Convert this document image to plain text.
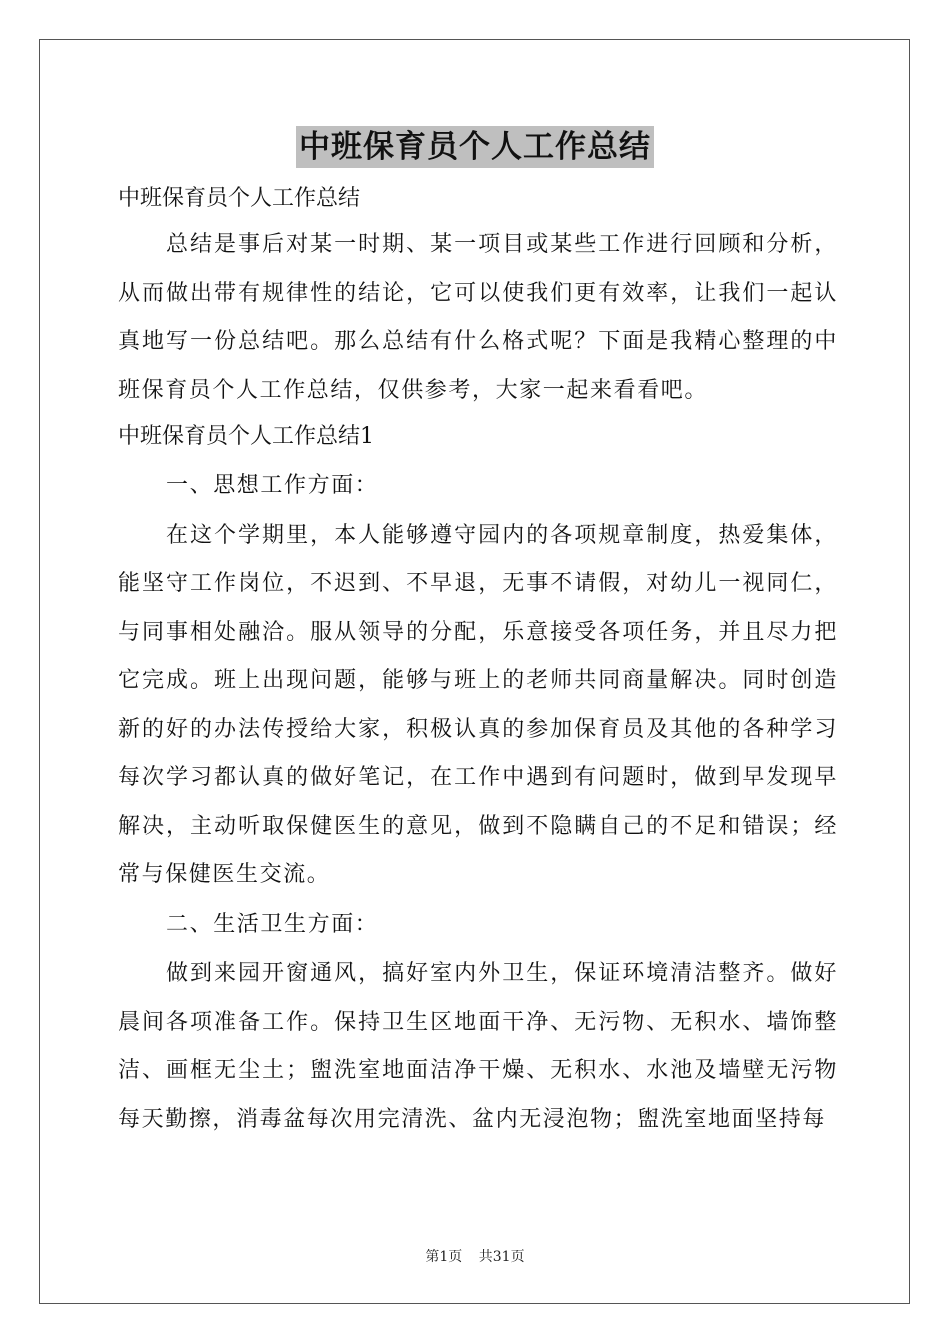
中班保育员个人工作总结
中班保育员个人工作总结

总结是事后对某一时期、某一项目或某些工作进行回顾和分析，从而做出带有规律性的结论，它可以使我们更有效率，让我们一起认真地写一份总结吧。那么总结有什么格式呢？下面是我精心整理的中班保育员个人工作总结，仅供参考，大家一起来看看吧。

中班保育员个人工作总结1

一、思想工作方面：

在这个学期里，本人能够遵守园内的各项规章制度，热爱集体，能坚守工作岗位，不迟到、不早退，无事不请假，对幼儿一视同仁，与同事相处融洽。服从领导的分配，乐意接受各项任务，并且尽力把它完成。班上出现问题，能够与班上的老师共同商量解决。同时创造新的好的办法传授给大家，积极认真的参加保育员及其他的各种学习每次学习都认真的做好笔记，在工作中遇到有问题时，做到早发现早解决，主动听取保健医生的意见，做到不隐瞒自己的不足和错误；经常与保健医生交流。

二、生活卫生方面：

做到来园开窗通风，搞好室内外卫生，保证环境清洁整齐。做好晨间各项准备工作。保持卫生区地面干净、无污物、无积水、墙饰整洁、画框无尘土；盥洗室地面洁净干燥、无积水、水池及墙壁无污物每天勤擦，消毒盆每次用完清洗、盆内无浸泡物；盥洗室地面坚持每

第1页 共31页
